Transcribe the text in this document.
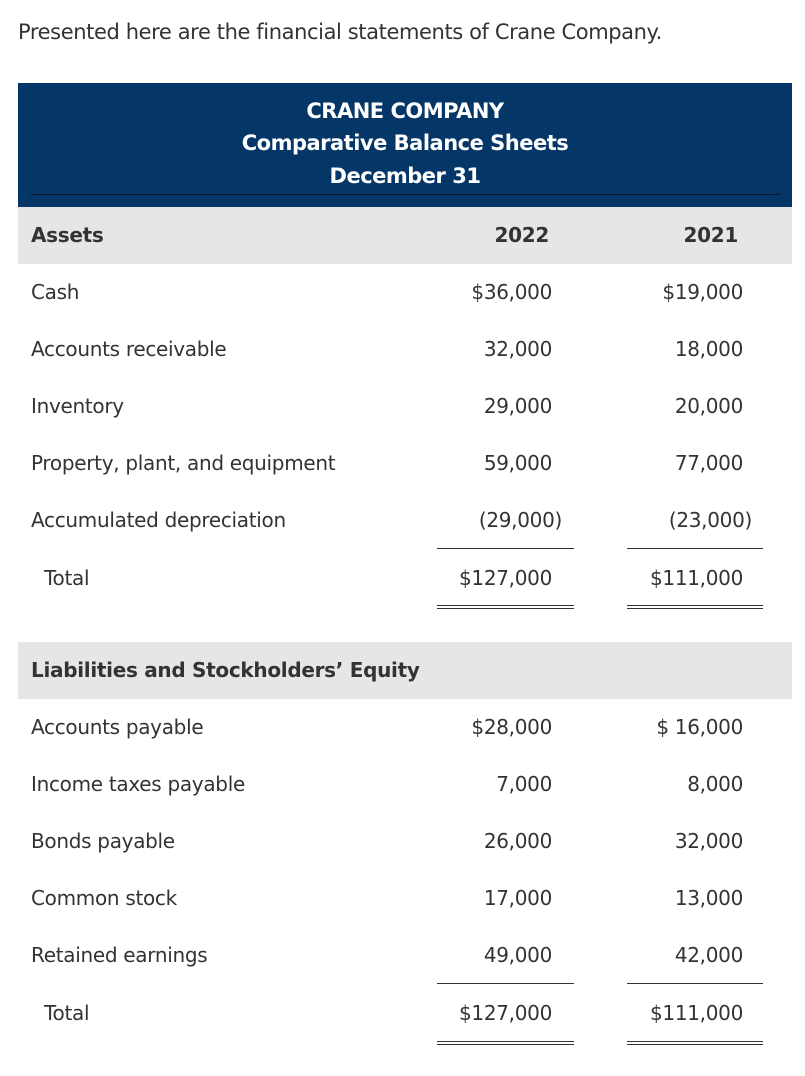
Presented here are the financial statements of Crane Company.
CRANE COMPANY
Comparative Balance Sheets
December 31
Assets	2022	2021
Cash	$36,000	$19,000
Accounts receivable	32,000	18,000
Inventory	29,000	20,000
Property, plant, and equipment	59,000	77,000
Accumulated depreciation	(29,000)	(23,000)
Total	$127,000	$111,000
Liabilities and Stockholders’ Equity
Accounts payable	$28,000	$ 16,000
Income taxes payable	7,000	8,000
Bonds payable	26,000	32,000
Common stock	17,000	13,000
Retained earnings	49,000	42,000
Total	$127,000	$111,000
